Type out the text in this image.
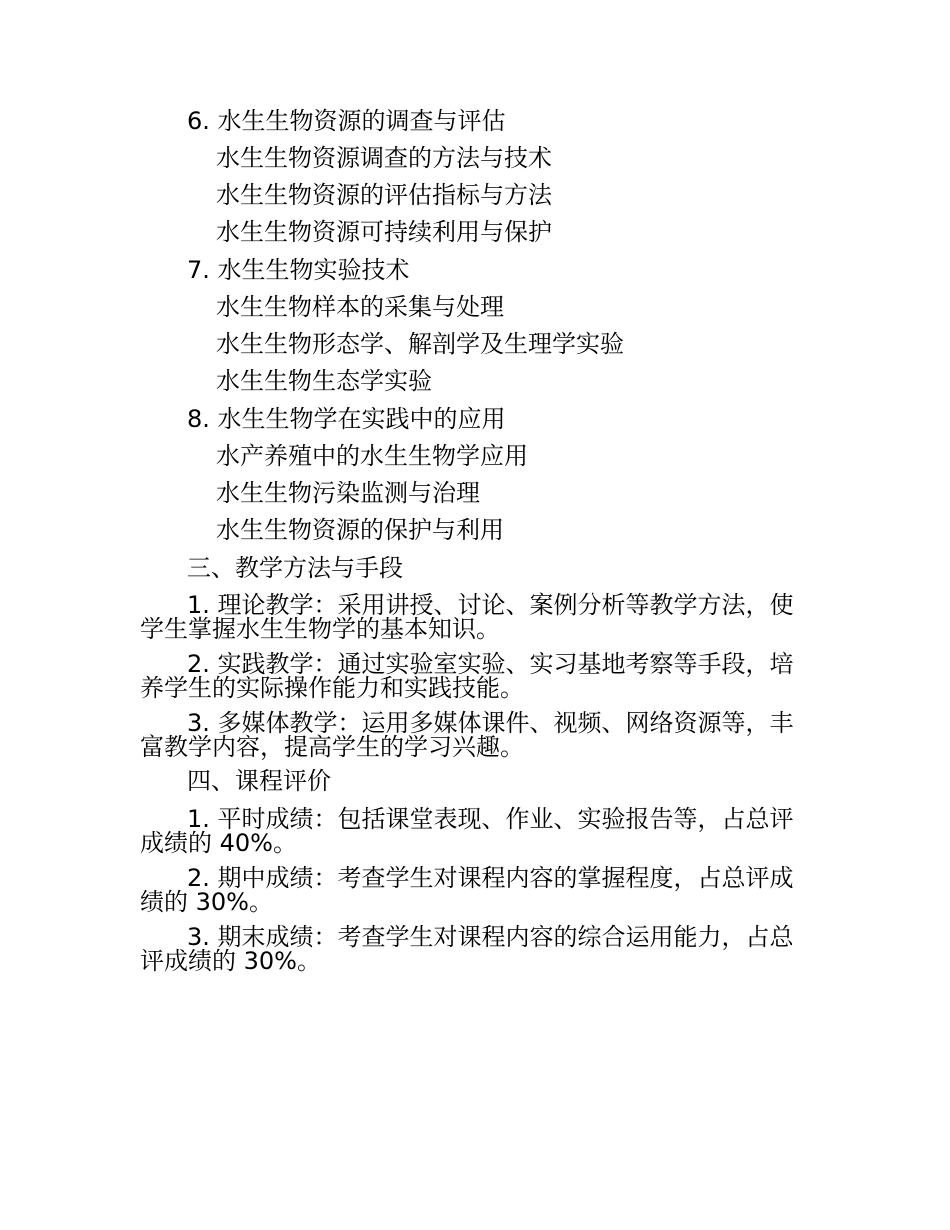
6. 水生生物资源的调查与评估
水生生物资源调查的方法与技术
水生生物资源的评估指标与方法
水生生物资源可持续利用与保护
7. 水生生物实验技术
水生生物样本的采集与处理
水生生物形态学、解剖学及生理学实验
水生生物生态学实验
8. 水生生物学在实践中的应用
水产养殖中的水生生物学应用
水生生物污染监测与治理
水生生物资源的保护与利用
三、教学方法与手段
1. 理论教学：采用讲授、讨论、案例分析等教学方法，使
学生掌握水生生物学的基本知识。
2. 实践教学：通过实验室实验、实习基地考察等手段，培
养学生的实际操作能力和实践技能。
3. 多媒体教学：运用多媒体课件、视频、网络资源等，丰
富教学内容，提高学生的学习兴趣。
四、课程评价
1. 平时成绩：包括课堂表现、作业、实验报告等，占总评
成绩的 40%。
2. 期中成绩：考查学生对课程内容的掌握程度，占总评成
绩的 30%。
3. 期末成绩：考查学生对课程内容的综合运用能力，占总
评成绩的 30%。
